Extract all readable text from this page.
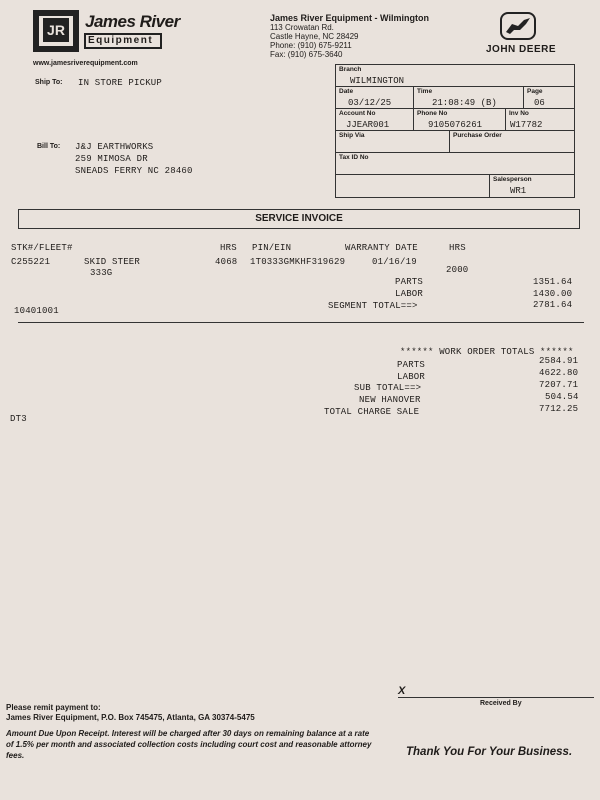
JR James River
Equipment
www.jamesriverequipment.com
James River Equipment - Wilmington
113 Crowatan Rd.
Castle Hayne, NC 28429
Phone: (910) 675-9211
Fax: (910) 675-3640	JOHN DEERE
Ship To: IN STORE PICKUP
Bill To: J&J EARTHWORKS
259 MIMOSA DR
SNEADS FERRY NC 28460
Branch
WILMINGTON
Date
03/12/25
Time
21:08:49 (B)
Page
06
Account No
JJEAR001
Phone No
9105076261
Inv No
W17782
Ship Via	Purchase Order
Tax ID No
Salesperson
WR1
SERVICE INVOICE
STK#/FLEET#	HRS PIN/EIN	WARRANTY DATE	HRS
C255221	SKID STEER
333G
4068 1T0333GMKHF319629	01/16/19
2000
PARTS	1351.64
LABOR	1430.00
10401001	SEGMENT TOTAL==>	2781.64
****** WORK ORDER TOTALS ******
PARTS	2584.91
LABOR	4622.80
SUB TOTAL==>	7207.71
NEW HANOVER	504.54
TOTAL CHARGE SALE	7712.25
DT3
X
Received By
Please remit payment to:
James River Equipment, P.O. Box 745475, Atlanta, GA 30374-5475
Amount Due Upon Receipt. Interest will be charged after 30 days on remaining balance at a rate of 1.5% per month and associated collection costs including court cost and reasonable attorney fees.	Thank You For Your Business.
